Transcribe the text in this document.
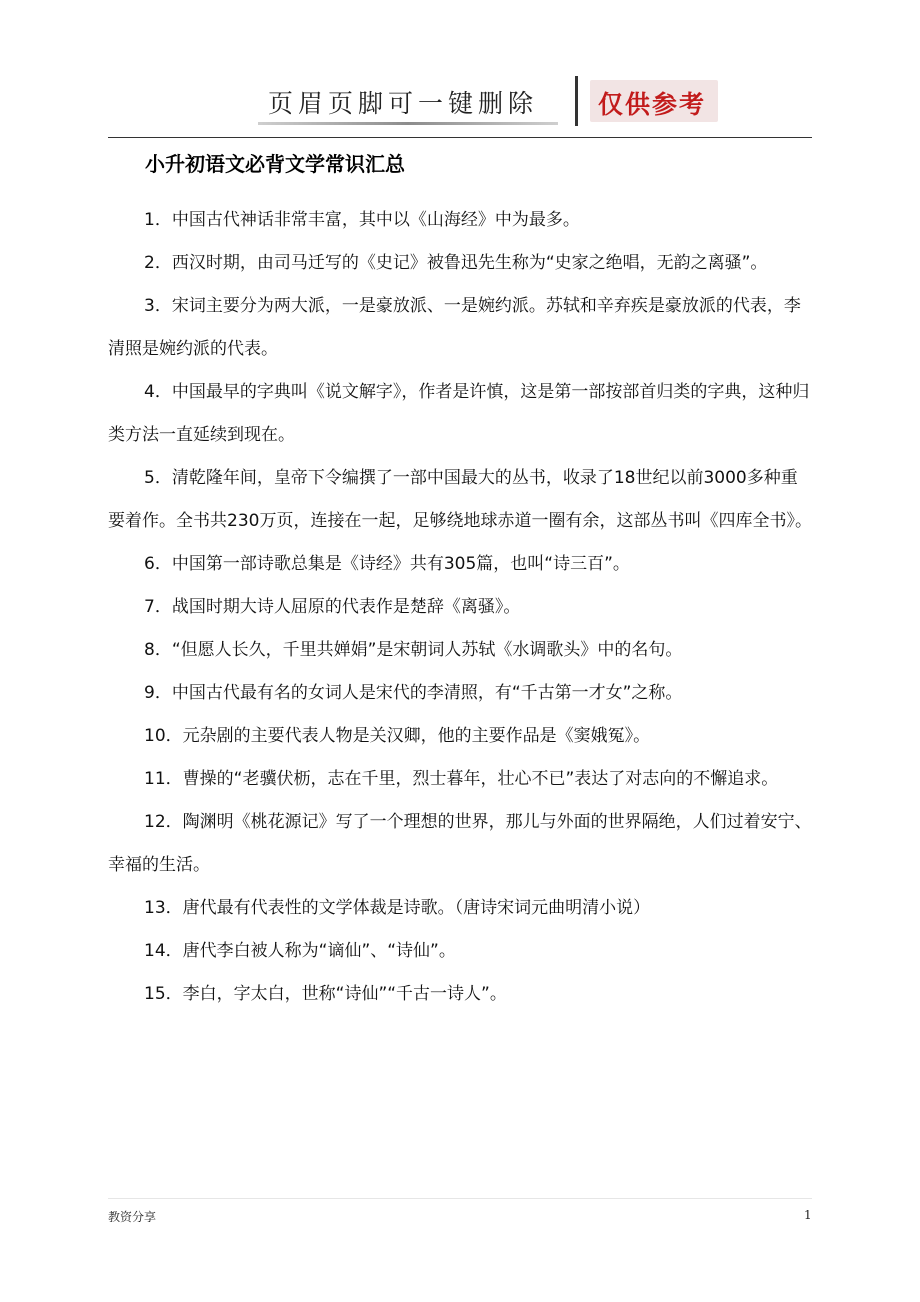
页眉页脚可一键删除 仅供参考
小升初语文必背文学常识汇总

1．中国古代神话非常丰富，其中以《山海经》中为最多。

2．西汉时期，由司马迁写的《史记》被鲁迅先生称为“史家之绝唱，无韵之离骚”。

3．宋词主要分为两大派，一是豪放派、一是婉约派。苏轼和辛弃疾是豪放派的代表，李清照是婉约派的代表。

4．中国最早的字典叫《说文解字》，作者是许慎，这是第一部按部首归类的字典，这种归类方法一直延续到现在。

5．清乾隆年间，皇帝下令编撰了一部中国最大的丛书，收录了18世纪以前3000多种重要着作。全书共230万页，连接在一起，足够绕地球赤道一圈有余，这部丛书叫《四库全书》。

6．中国第一部诗歌总集是《诗经》共有305篇，也叫“诗三百”。

7．战国时期大诗人屈原的代表作是楚辞《离骚》。

8．“但愿人长久，千里共婵娟”是宋朝词人苏轼《水调歌头》中的名句。

9．中国古代最有名的女词人是宋代的李清照，有“千古第一才女”之称。

10．元杂剧的主要代表人物是关汉卿，他的主要作品是《窦娥冤》。

11．曹操的“老骥伏枥，志在千里，烈士暮年，壮心不已”表达了对志向的不懈追求。

12．陶渊明《桃花源记》写了一个理想的世界，那儿与外面的世界隔绝，人们过着安宁、幸福的生活。

13．唐代最有代表性的文学体裁是诗歌。（唐诗宋词元曲明清小说）

14．唐代李白被人称为“谪仙”、“诗仙”。

15．李白，字太白，世称“诗仙”“千古一诗人”。

教资分享	1
